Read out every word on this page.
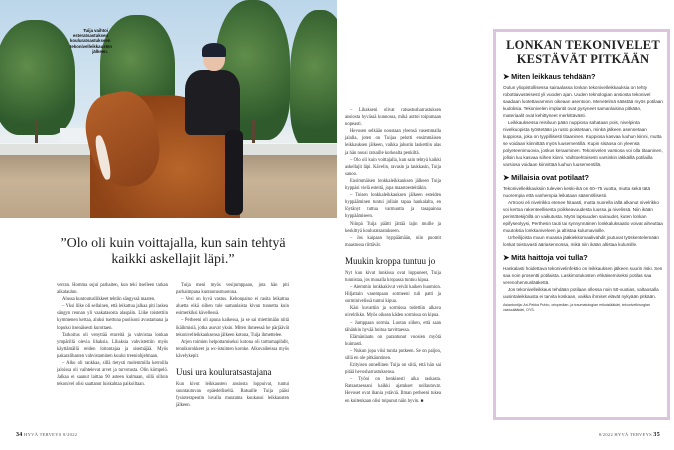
Tuija vaihtoi esteratsastuksen kouluratsastukseen tekonivelleikkausten jälkeen.
”Olo oli kuin voittajalla, kun sain tehtyä kaikki askellajit läpi.”

verran. Homma sujui parhaiten, kun teki itselleen tarkan aikataulun.

Alussa kuntoutusliikkeet tehtiin sängyssä maaten.

– Yksi liike oli sellainen, että leikattua jalkaa piti laskea sängyn reunan yli vaakatasosta alaspäin. Liike toistettiin kymmenen kertaa, aluksi tuettuna puolisoni avustamana ja lopuksi itsenäisesti kurottaen.

Tarkoitus oli venyttää etureitä ja vahvistaa lonkan ympärillä olevia lihaksia. Lihaksia vahvistettiin myös käyttämällä reiden loitontajaa ja sisemäjää. Myös pakaralihasten vahvistaminen kuului treeniohjelmaan.

– Alku oli rankkaa, sillä tietysti molemmilla kerroilla jaloissa oli vaihtelevat arvet ja turvotusta. Olin kömpelö. Jalkaa ei saanut laittaa 90 asteen kulmaan, sillä silloin tekonivel olisi saattanut luiskahtaa paikoiltaan.

Tuija meni myös vesijumppaan, jota hän piti parhaimpana kuntoutusmuotona.

– Vesi on hyvä vastus. Kehonpaino ei rasita leikattua aluetta eikä siihen tule samanlaista kivun tunnetta kuin esimerkiksi kävellessä.

– Perheeni oli apuna kaikessa, ja se sai miettimään niitä ikäihmisiä, jotka asuvat yksin. Miten ihmeessä he pärjäävät tekonivelleikkauksensa jälkeen kotona, Tuija ihmettelee.

Arjen toimien helpottamiseksi kotona oli tarttumapihdit, tennikorokkeet ja wc-istuimen koroke. Alkuvaiheissa myös kävelykepit.

Uusi ura kouluratsastajana

Kun kivut leikkausten ansiosta loppuivat, tuntui suuntautuvan epäedelliseltä. Ratsaille Tuija pääsi fysioterapeutin luvalla muutama kuukausi leikkausten jälkeen.

34 HYVÄ TERVEYS 8/2022

– Lihakseni olivat ratsastusharrastuksen ansiosta hyvässä kunnossa, mikä auttoi toipumaan nopeasti.

Hevosen selkään noustaan yleensä vasemmalla jalalla, joten on Tuijaa pelotti ensimmäisen leikkauksen jälkeen, vaikka jalustin laskettiin alas ja hän nousi ratsaille korkealta penkiltä.

– Olo oli kuin voittajalla, kun sain tehtyä kaikki askellajit läpi. Kävelin, ravasin ja laukkasin, Tuija sanoo.

Ensimmäisen lonkkaleikkauksen jälkeen Tuija hyppäsi vielä esteitä, jopa maastoesteitäkin.

– Toisen lonkkaleikkauksen jälkeen esteiden hyppääminen tuntui jollain tapaa hankalalta, en löytänyt tuttua varmuutta ja tasapainoa hyppäämiseen.

Niinpä Tuija päätti jättää lajin muille ja keskittyä kouluratsastukseen.

– Jos kaipaan hyppäämään, niin puomit maastossa riittävät.

Muukin kroppa tuntuu jo

Nyt kun kivut lonkissa ovat loppuneet, Tuija tunnistaa, jos muualla kropassa tuntuu kipua.

– Aiemmin lonkkakivut veivät kaiken huomion. Hiljattain vasempaan sormeeni tuli patti ja sorminivelissä tuntui kipua.

Käsi kuvattiin ja sormissa todettiin alkava nivelrikko. Myös oikean käden sormissa on kipua.

– Jumppaan sormia. Luotan siihen, että saan tähänkin hyvää hoitoa tarvittaessa.

Elämänlaatu on parantunut vuosien myötä huimasti.

– Nukun jopa viisi tuntia putkeen. Se on paljon, sillä en ole pitkäuntinen.

Erityisen onnellinen Tuija on siitä, että hän sai pitää hevosharrastuksensa.

– Työni on henkisesti aika raskasta. Ratsastaessani kaikki ajatukset nollautuvat. Hevoset ovat ihania ystäviä. Ilman perheeni tukea en kuitenkaan olisi toipunut näin hyvin. ■

LONKAN TEKONIVELET KESTÄVÄT PITKÄÄN
➤ Miten leikkaus tehdään?

Oulun yliopistollisessa sairaalassa lonkan tekonivelleikkauksia on tehty robottiavusteisesti yli vuoden ajan. Uuden teknologian ansiosta tekonivel saadaan luotettavammin oikeaan asentoon. Menetelmä säästää myös potilaan kudoksia. Tekonivelen implantit ovat pysyneet samanlaisina pitkään, materiaalit ovat kehittyneet merkittävästi.

Leikkauksessa reisiluun pään nuppiosa sahataan pois, nivelpinta nivelkuopista työstetään ja rusto poistetaan, minkä jälkeen asennetaan kuppiosa, joka on tyypillisesti titaaninen. Kuppiosa kasvaa luuhun kiinni, mutta se voidaan kiinnittää myös luusementillä. Kupin sisäosa on yleensä polyeteenimuovia, joskus keraaminen. Tekonivelen varsiosa voi olla titaaninen, jolloin luu kasvaa siihen kiinni. Vaihtoehtoisesti varsinkin iäkkäillä potilailla varsiosa voidaan kiinnittää luuhun luusementillä.

➤ Millaisia ovat potilaat?

Tekonivelleikkauksiin tulevien keski-ikä on 60–75 vuotta, mutta sekä tätä nuorempia että vanhempia leikataan säännöllisesti.

Artroosi eli nivelrikko etenee hitaasti, mutta nuorella iällä alkanut nivelrikko voi kertoa rakenteellisesta poikkeavuudesta luussa ja nivelissä. Niin ikään perintötekijöillä on vaikutusta. Myös lapsuuden sairaudet, kuten lonkan epifyseolyysi, Perthesin tauti tai synnynnäinen lonkkaluksaatio voivat aiheuttaa muutoksia lonkkaniveleen ja altistaa kulumavioille.

Urheilijoista muun muassa jääkiekkomaalivahdit joutuvat työskentelemään lonkat toistuvasti ääriasennossa, mikä niin ikään altistaa kulumille.

➤ Mitä haittoja voi tulla?

Hankalasti hoidettava tekonivelinfektio on leikkauksen jälkeen suurin riski. Sen saa noin prosentti potilaista. Laskimotukosten ehkäisemiseksi potilas saa verenohennuslääkettä.

Jos tekonivelleikkaus tehdään potilaan ollessa noin 50-vuotias, valtaosalla uusintaleikkausta ei tarvita koskaan, vaikka ihmiset elävät nykyään pitkään.

Asiantuntija: Ari-Pekka Puhto, ortopedian- ja traumatologian erikoislääkäri, tekonivelkirurgian vastuulääkäri, OYS.

8/2022 HYVÄ TERVEYS 35
